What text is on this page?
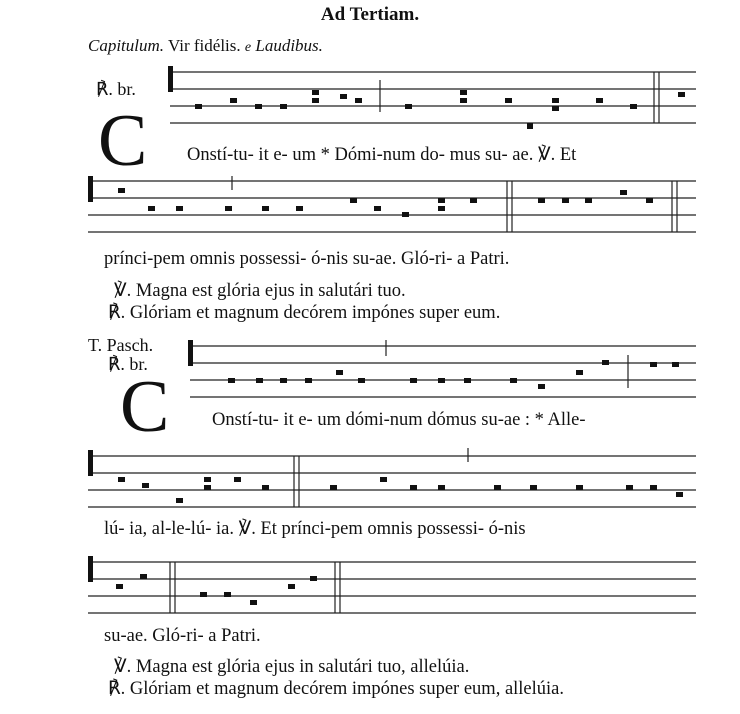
Ad Tertiam.
Capitulum. Vir fidélis. e Laudibus.
℟. br.
C Onstí-tu- it e- um * Dómi-num do- mus su- ae. ℣. Et
prínci-pem omnis possessi- ó-nis su-ae. Gló-ri- a Patri.
℣. Magna est glória ejus in salutári tuo.
℟. Glóriam et magnum decórem impónes super eum.
T. Pasch.
℟. br.
C Onstí-tu- it e- um dómi-num dómus su-ae : * Alle-
lú- ia, al-le-lú- ia. ℣. Et prínci-pem omnis possessi- ó-nis
su-ae. Gló-ri- a Patri.
℣. Magna est glória ejus in salutári tuo, allelúia.
℟. Glóriam et magnum decórem impónes super eum, allelúia.
